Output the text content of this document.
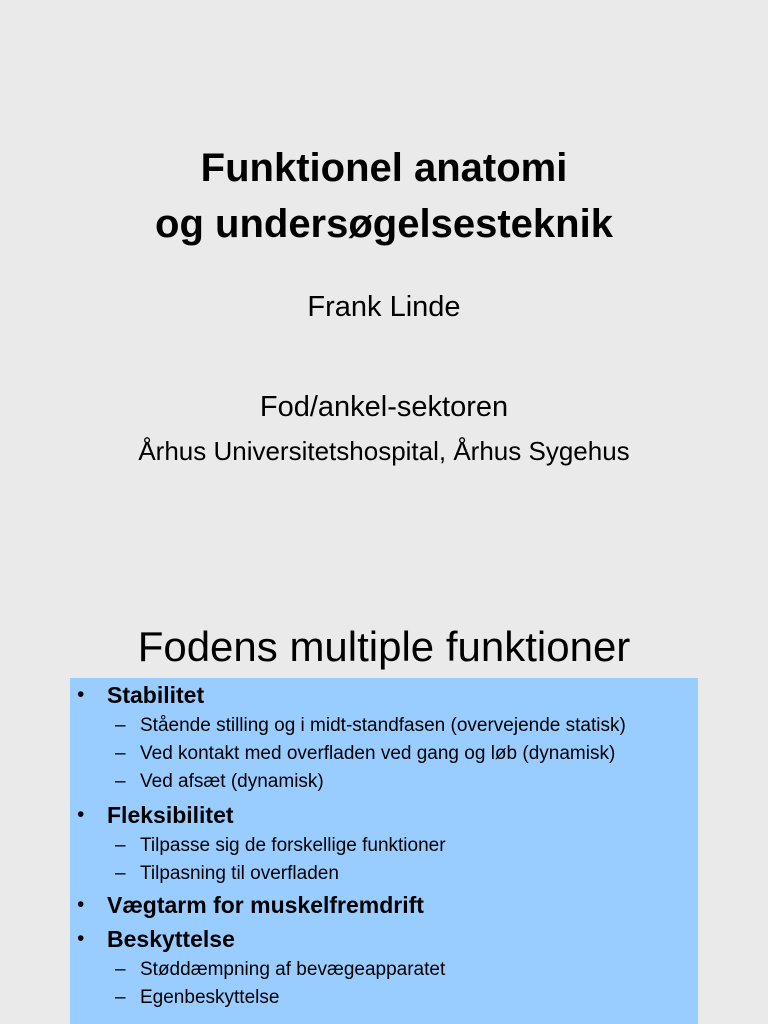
Funktionel anatomi
og undersøgelsesteknik
Frank Linde
Fod/ankel-sektoren
Århus Universitetshospital, Århus Sygehus
Fodens multiple funktioner
• Stabilitet
– Stående stilling og i midt-standfasen (overvejende statisk)
– Ved kontakt med overfladen ved gang og løb (dynamisk)
– Ved afsæt (dynamisk)
• Fleksibilitet
– Tilpasse sig de forskellige funktioner
– Tilpasning til overfladen
• Vægtarm for muskelfremdrift
• Beskyttelse
– Støddæmpning af bevægeapparatet
– Egenbeskyttelse
